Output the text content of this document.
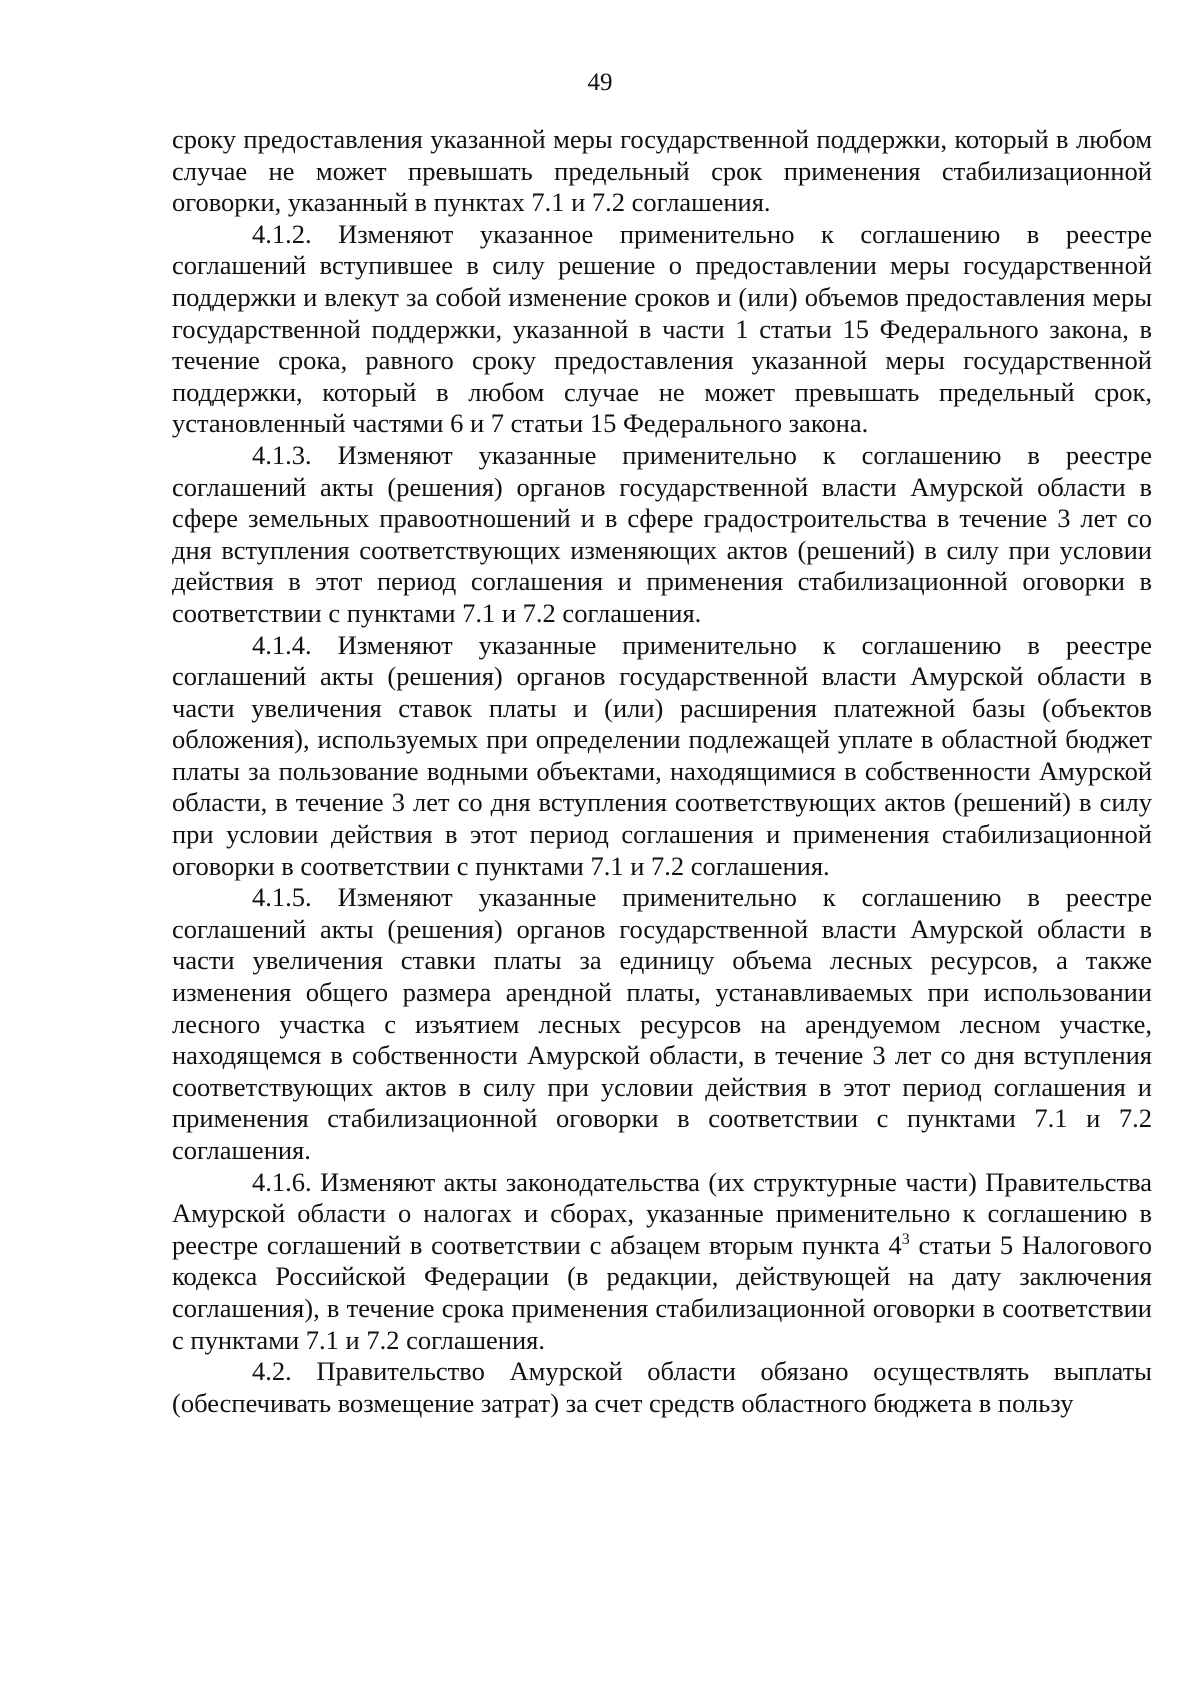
49

сроку предоставления указанной меры государственной поддержки, который в любом случае не может превышать предельный срок применения стабилизационной оговорки, указанный в пунктах 7.1 и 7.2 соглашения.

4.1.2. Изменяют указанное применительно к соглашению в реестре соглашений вступившее в силу решение о предоставлении меры государственной поддержки и влекут за собой изменение сроков и (или) объемов предоставления меры государственной поддержки, указанной в части 1 статьи 15 Федерального закона, в течение срока, равного сроку предоставления указанной меры государственной поддержки, который в любом случае не может превышать предельный срок, установленный частями 6 и 7 статьи 15 Федерального закона.

4.1.3. Изменяют указанные применительно к соглашению в реестре соглашений акты (решения) органов государственной власти Амурской области в сфере земельных правоотношений и в сфере градостроительства в течение 3 лет со дня вступления соответствующих изменяющих актов (решений) в силу при условии действия в этот период соглашения и применения стабилизационной оговорки в соответствии с пунктами 7.1 и 7.2 соглашения.

4.1.4. Изменяют указанные применительно к соглашению в реестре соглашений акты (решения) органов государственной власти Амурской области в части увеличения ставок платы и (или) расширения платежной базы (объектов обложения), используемых при определении подлежащей уплате в областной бюджет платы за пользование водными объектами, находящимися в собственности Амурской области, в течение 3 лет со дня вступления соответствующих актов (решений) в силу при условии действия в этот период соглашения и применения стабилизационной оговорки в соответствии с пунктами 7.1 и 7.2 соглашения.

4.1.5. Изменяют указанные применительно к соглашению в реестре соглашений акты (решения) органов государственной власти Амурской области в части увеличения ставки платы за единицу объема лесных ресурсов, а также изменения общего размера арендной платы, устанавливаемых при использовании лесного участка с изъятием лесных ресурсов на арендуемом лесном участке, находящемся в собственности Амурской области, в течение 3 лет со дня вступления соответствующих актов в силу при условии действия в этот период соглашения и применения стабилизационной оговорки в соответствии с пунктами 7.1 и 7.2 соглашения.

4.1.6. Изменяют акты законодательства (их структурные части) Правительства Амурской области о налогах и сборах, указанные применительно к соглашению в реестре соглашений в соответствии с абзацем вторым пункта $4^3$ статьи 5 Налогового кодекса Российской Федерации (в редакции, действующей на дату заключения соглашения), в течение срока применения стабилизационной оговорки в соответствии с пунктами 7.1 и 7.2 соглашения.

4.2. Правительство Амурской области обязано осуществлять выплаты (обеспечивать возмещение затрат) за счет средств областного бюджета в пользу
